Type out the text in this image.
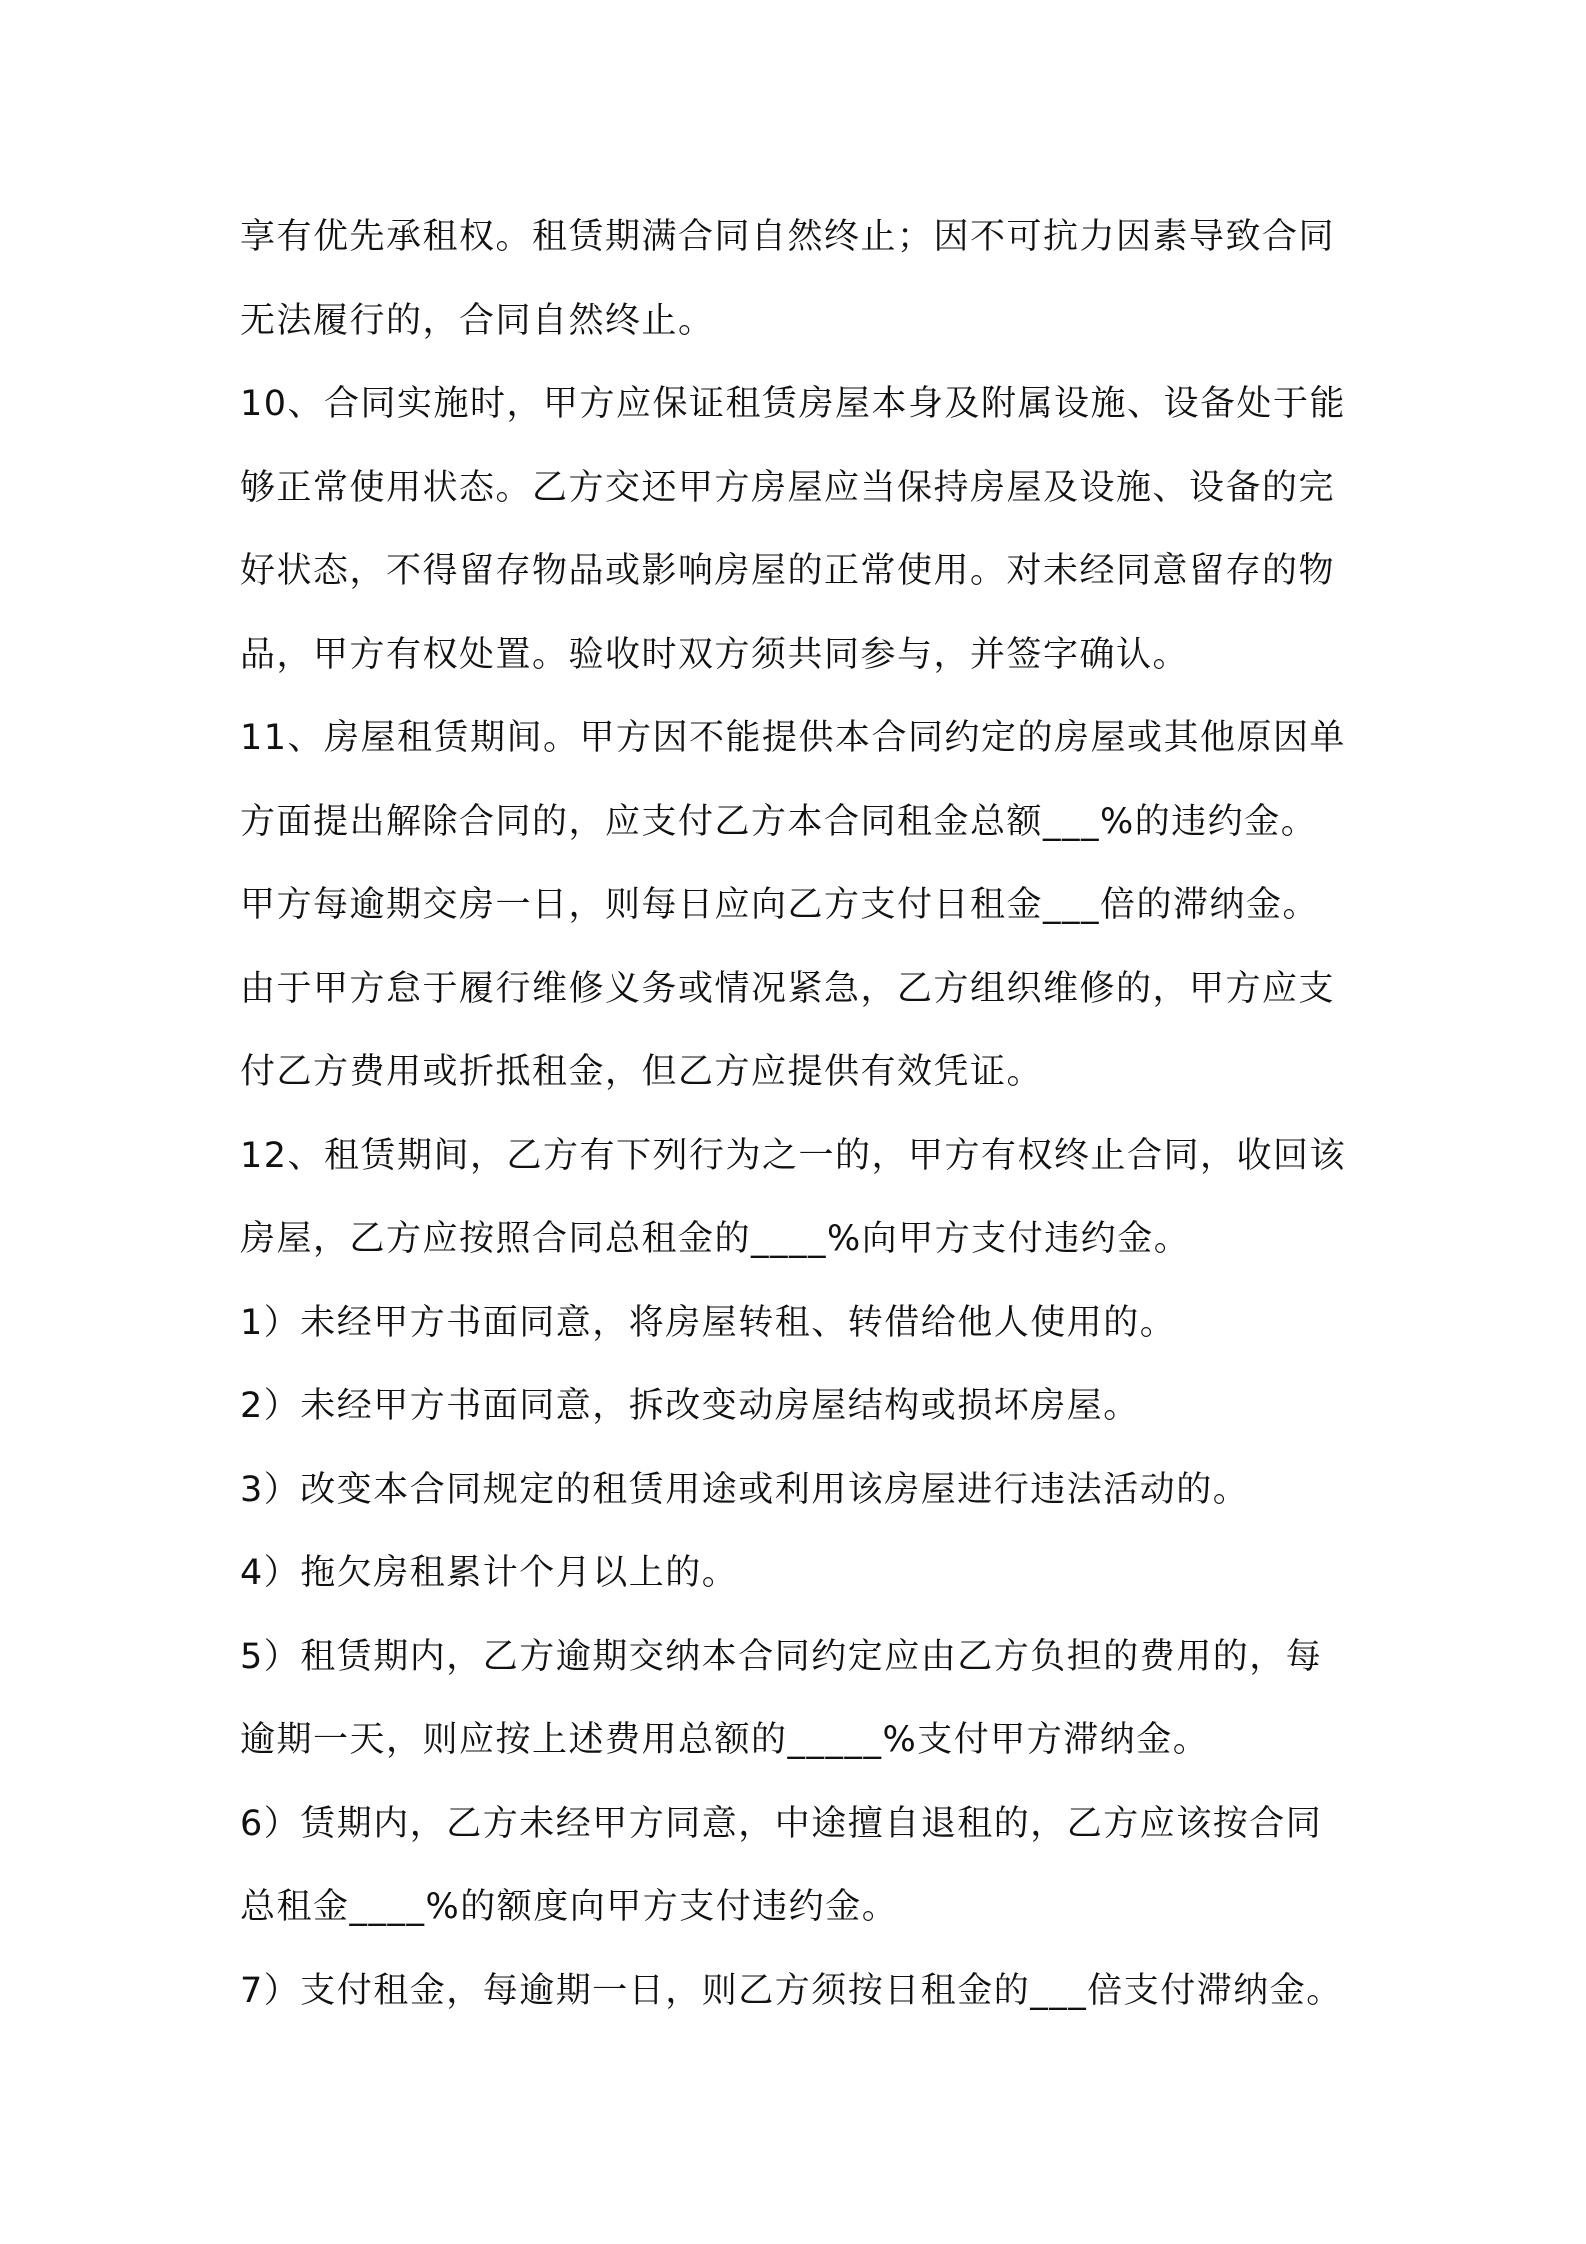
享有优先承租权。租赁期满合同自然终止；因不可抗力因素导致合同
无法履行的，合同自然终止。
10、合同实施时，甲方应保证租赁房屋本身及附属设施、设备处于能
够正常使用状态。乙方交还甲方房屋应当保持房屋及设施、设备的完
好状态，不得留存物品或影响房屋的正常使用。对未经同意留存的物
品，甲方有权处置。验收时双方须共同参与，并签字确认。
11、房屋租赁期间。甲方因不能提供本合同约定的房屋或其他原因单
方面提出解除合同的，应支付乙方本合同租金总额___%的违约金。
甲方每逾期交房一日，则每日应向乙方支付日租金___倍的滞纳金。
由于甲方怠于履行维修义务或情况紧急，乙方组织维修的，甲方应支
付乙方费用或折抵租金，但乙方应提供有效凭证。
12、租赁期间，乙方有下列行为之一的，甲方有权终止合同，收回该
房屋，乙方应按照合同总租金的____%向甲方支付违约金。
1）未经甲方书面同意，将房屋转租、转借给他人使用的。
2）未经甲方书面同意，拆改变动房屋结构或损坏房屋。
3）改变本合同规定的租赁用途或利用该房屋进行违法活动的。
4）拖欠房租累计个月以上的。
5）租赁期内，乙方逾期交纳本合同约定应由乙方负担的费用的，每
逾期一天，则应按上述费用总额的_____%支付甲方滞纳金。
6）赁期内，乙方未经甲方同意，中途擅自退租的，乙方应该按合同
总租金____%的额度向甲方支付违约金。
7）支付租金，每逾期一日，则乙方须按日租金的___倍支付滞纳金。
